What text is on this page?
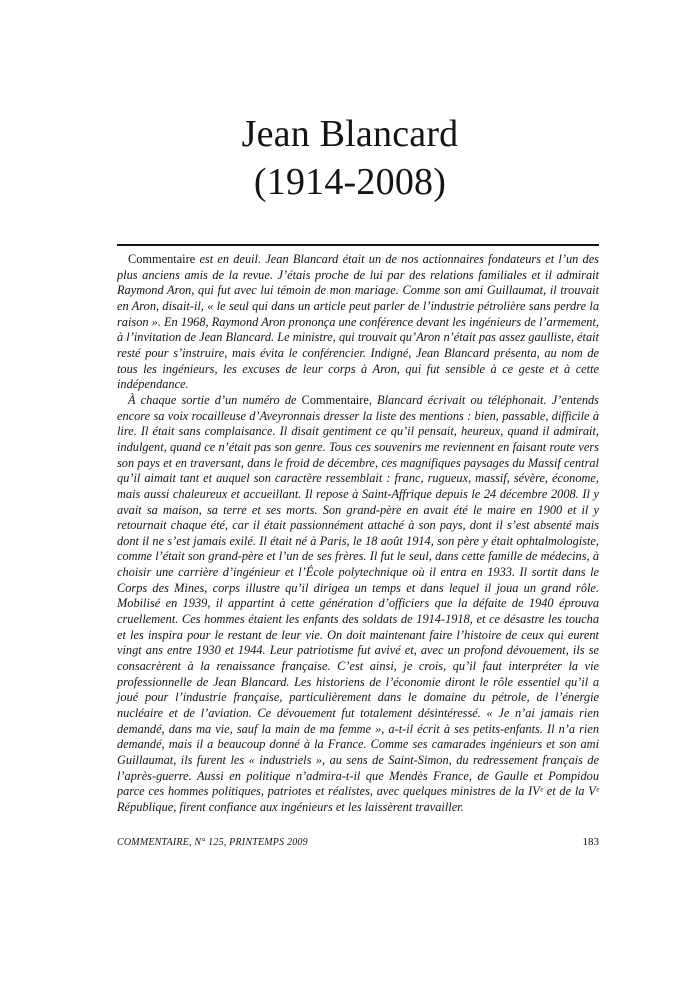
Jean Blancard
(1914-2008)

Commentaire est en deuil. Jean Blancard était un de nos actionnaires fondateurs et l’un des plus anciens amis de la revue. J’étais proche de lui par des relations familiales et il admirait Raymond Aron, qui fut avec lui témoin de mon mariage. Comme son ami Guillaumat, il trouvait en Aron, disait-il, « le seul qui dans un article peut parler de l’industrie pétrolière sans perdre la raison ». En 1968, Raymond Aron prononça une conférence devant les ingénieurs de l’armement, à l’invitation de Jean Blancard. Le ministre, qui trouvait qu’Aron n’était pas assez gaulliste, était resté pour s’instruire, mais évita le conférencier. Indigné, Jean Blancard présenta, au nom de tous les ingénieurs, les excuses de leur corps à Aron, qui fut sensible à ce geste et à cette indépendance.

À chaque sortie d’un numéro de Commentaire, Blancard écrivait ou téléphonait. J’entends encore sa voix rocailleuse d’Aveyronnais dresser la liste des mentions : bien, passable, difficile à lire. Il était sans complaisance. Il disait gentiment ce qu’il pensait, heureux, quand il admirait, indulgent, quand ce n’était pas son genre. Tous ces souvenirs me reviennent en faisant route vers son pays et en traversant, dans le froid de décembre, ces magnifiques paysages du Massif central qu’il aimait tant et auquel son caractère ressemblait : franc, rugueux, massif, sévère, économe, mais aussi chaleureux et accueillant. Il repose à Saint-Affrique depuis le 24 décembre 2008. Il y avait sa maison, sa terre et ses morts. Son grand-père en avait été le maire en 1900 et il y retournait chaque été, car il était passionnément attaché à son pays, dont il s’est absenté mais dont il ne s’est jamais exilé. Il était né à Paris, le 18 août 1914, son père y était ophtalmologiste, comme l’était son grand-père et l’un de ses frères. Il fut le seul, dans cette famille de médecins, à choisir une carrière d’ingénieur et l’École polytechnique où il entra en 1933. Il sortit dans le Corps des Mines, corps illustre qu’il dirigea un temps et dans lequel il joua un grand rôle. Mobilisé en 1939, il appartint à cette génération d’officiers que la défaite de 1940 éprouva cruellement. Ces hommes étaient les enfants des soldats de 1914-1918, et ce désastre les toucha et les inspira pour le restant de leur vie. On doit maintenant faire l’histoire de ceux qui eurent vingt ans entre 1930 et 1944. Leur patriotisme fut avivé et, avec un profond dévouement, ils se consacrèrent à la renaissance française. C’est ainsi, je crois, qu’il faut interpréter la vie professionnelle de Jean Blancard. Les historiens de l’économie diront le rôle essentiel qu’il a joué pour l’industrie française, particulièrement dans le domaine du pétrole, de l’énergie nucléaire et de l’aviation. Ce dévouement fut totalement désintéressé. « Je n’ai jamais rien demandé, dans ma vie, sauf la main de ma femme », a-t-il écrit à ses petits-enfants. Il n’a rien demandé, mais il a beaucoup donné à la France. Comme ses camarades ingénieurs et son ami Guillaumat, ils furent les « industriels », au sens de Saint-Simon, du redressement français de l’après-guerre. Aussi en politique n’admira-t-il que Mendès France, de Gaulle et Pompidou parce ces hommes politiques, patriotes et réalistes, avec quelques ministres de la IVᵉ et de la Vᵉ République, firent confiance aux ingénieurs et les laissèrent travailler.

COMMENTAIRE, N° 125, PRINTEMPS 2009	183
